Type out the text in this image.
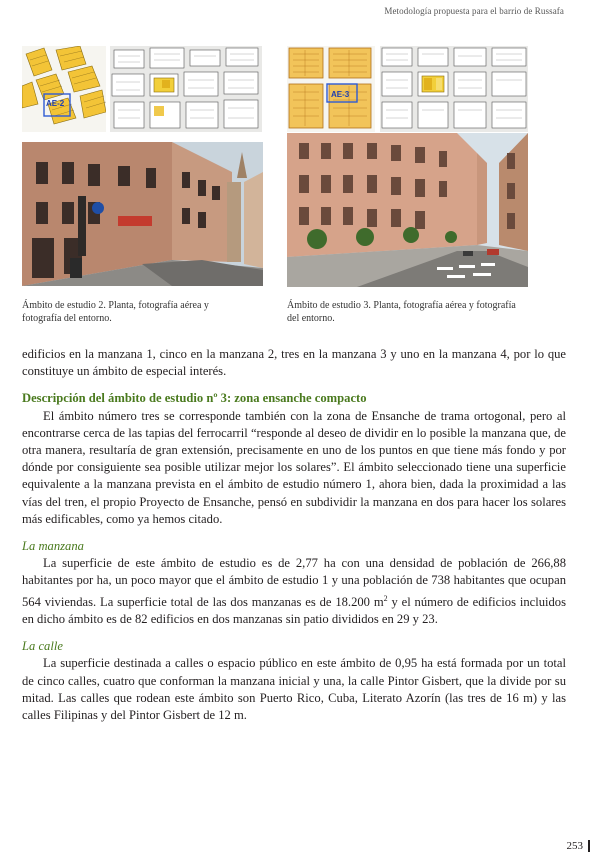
Metodología propuesta para el barrio de Russafa
AE-2
AE-3
Ámbito de estudio 2. Planta, fotografía aérea y fotografía del entorno.
Ámbito de estudio 3. Planta, fotografía aérea y fotografía del entorno.

edificios en la manzana 1, cinco en la manzana 2, tres en la manzana 3 y uno en la manzana 4, por lo que constituye un ámbito de especial interés.

Descripción del ámbito de estudio nº 3: zona ensanche compacto

El ámbito número tres se corresponde también con la zona de Ensanche de trama ortogonal, pero al encontrarse cerca de las tapias del ferrocarril “responde al deseo de dividir en lo posible la manzana que, de otra manera, resultaría de gran extensión, precisamente en uno de los puntos en que tiene más fondo y por dónde por consiguiente sea posible utilizar mejor los solares”. El ámbito seleccionado tiene una superficie equivalente a la manzana prevista en el ámbito de estudio número 1, ahora bien, dada la proximidad a las vías del tren, el propio Proyecto de Ensanche, pensó en subdividir la manzana en dos para hacer los solares más edificables, como ya hemos citado.

La manzana

La superficie de este ámbito de estudio es de 2,77 ha con una densidad de población de 266,88 habitantes por ha, un poco mayor que el ámbito de estudio 1 y una población de 738 habitantes que ocupan 564 viviendas. La superficie total de las dos manzanas es de 18.200 $m^2$ y el número de edificios incluidos en dicho ámbito es de 82 edificios en dos manzanas sin patio divididos en 29 y 23.

La calle

La superficie destinada a calles o espacio público en este ámbito de 0,95 ha está formada por un total de cinco calles, cuatro que conforman la manzana inicial y una, la calle Pintor Gisbert, que la divide por su mitad. Las calles que rodean este ámbito son Puerto Rico, Cuba, Literato Azorín (las tres de 16 m) y las calles Filipinas y del Pintor Gisbert de 12 m.

253
